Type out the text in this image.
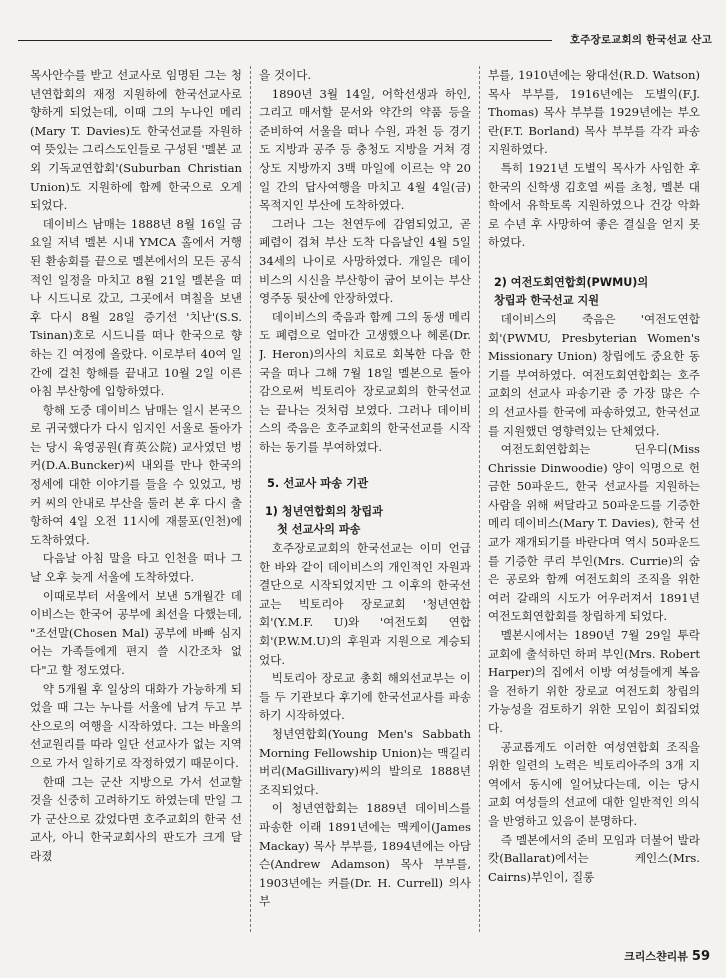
호주장로교회의 한국선교 산고

목사안수를 받고 선교사로 임명된 그는 청년연합회의 재정 지원하에 한국선교사로 향하게 되었는데, 이때 그의 누나인 메리(Mary T. Davies)도 한국선교를 자원하여 뜻있는 그리스도인들로 구성된 '멜본 교외 기독교연합회'(Suburban Christian Union)도 지원하에 함께 한국으로 오게 되었다.

데이비스 남매는 1888년 8월 16일 금요일 저녁 멜본 시내 YMCA 홀에서 거행된 환송회를 끝으로 멜본에서의 모든 공식적인 일정을 마치고 8월 21일 멜본을 떠나 시드니로 갔고, 그곳에서 며칠을 보낸 후 다시 8월 28일 증기선 '치난'(S.S. Tsinan)호로 시드니를 떠나 한국으로 향하는 긴 여정에 올랐다. 이로부터 40여 일간에 걸친 항해를 끝내고 10월 2일 이른 아침 부산항에 입항하였다.

항해 도중 데이비스 남매는 일시 본국으로 귀국했다가 다시 임지인 서울로 돌아가는 당시 육영공원(育英公院) 교사였던 벙커(D.A.Buncker)씨 내외를 만나 한국의 정세에 대한 이야기를 들을 수 있었고, 벙커 씨의 안내로 부산을 둘러 본 후 다시 출항하여 4일 오전 11시에 재물포(인천)에 도착하였다.

다음날 아침 말을 타고 인천을 떠나 그날 오후 늦게 서울에 도착하였다.

이때로부터 서울에서 보낸 5개월간 데이비스는 한국어 공부에 최선을 다했는데, "조선말(Chosen Mal) 공부에 바빠 심지어는 가족들에게 편지 쓸 시간조차 없다"고 할 정도였다.

약 5개월 후 일상의 대화가 가능하게 되었을 때 그는 누나를 서울에 남겨 두고 부산으로의 여행을 시작하였다. 그는 바울의 선교원리를 따라 일단 선교사가 없는 지역으로 가서 일하기로 작정하였기 때문이다.

한때 그는 군산 지방으로 가서 선교할 것을 신중히 고려하기도 하였는데 만일 그가 군산으로 갔었다면 호주교회의 한국 선교사, 아니 한국교회사의 판도가 크게 달라졌

을 것이다.

1890년 3월 14일, 어학선생과 하인, 그리고 매서할 문서와 약간의 약품 등을 준비하여 서울을 떠나 수원, 과천 등 경기도 지방과 공주 등 충청도 지방을 거쳐 경상도 지방까지 3백 마일에 이르는 약 20일 간의 답사여행을 마치고 4월 4일(금) 목적지인 부산에 도착하였다.

그러나 그는 천연두에 감염되었고, 곧 폐렴이 겹쳐 부산 도착 다음날인 4월 5일 34세의 나이로 사망하였다. 개일은 데이비스의 시신을 부산항이 굽어 보이는 부산 영주동 뒷산에 안장하였다.

데이비스의 죽음과 함께 그의 동생 메리도 폐렴으로 얼마간 고생했으나 헤론(Dr. J. Heron)의사의 치료로 회복한 다음 한국을 떠나 그해 7월 18일 멜본으로 돌아감으로써 빅토리아 장로교회의 한국선교는 끝나는 것처럼 보였다. 그러나 데이비스의 죽음은 호주교회의 한국선교를 시작하는 동기를 부여하였다.

5. 선교사 파송 기관
1) 청년연합회의 창립과
첫 선교사의 파송

호주장로교회의 한국선교는 이미 언급한 바와 같이 데이비스의 개인적인 자원과 결단으로 시작되었지만 그 이후의 한국선교는 빅토리아 장로교회 '청년연합회'(Y.M.F. U)와 '여전도회 연합회'(P.W.M.U)의 후원과 지원으로 계승되었다.

빅토리아 장로교 총회 해외선교부는 이들 두 기관보다 후기에 한국선교사를 파송하기 시작하였다.

청년연합회(Young Men's Sabbath Morning Fellowship Union)는 맥길리버리(MaGillivary)씨의 발의로 1888년 조직되었다.

이 청년연합회는 1889년 데이비스를 파송한 이래 1891년에는 맥케이(James Mackay) 목사 부부를, 1894년에는 아담슨(Andrew Adamson) 목사 부부를, 1903년에는 커를(Dr. H. Currell) 의사 부

부를, 1910년에는 왕대선(R.D. Watson) 목사 부부를, 1916년에는 도별익(F.J. Thomas) 목사 부부를 1929년에는 부오란(F.T. Borland) 목사 부부를 각각 파송 지원하였다.

특히 1921년 도별익 목사가 사임한 후 한국의 신학생 김호열 씨를 초청, 멜본 대학에서 유학토록 지원하였으나 건강 악화로 수년 후 사망하여 좋은 결실을 얻지 못하였다.

2) 여전도회연합회(PWMU)의
창립과 한국선교 지원

데이비스의 죽음은 '여전도연합회'(PWMU, Presbyterian Women's Missionary Union) 창립에도 중요한 동기를 부여하였다. 여전도회연합회는 호주교회의 선교사 파송기관 중 가장 많은 수의 선교사를 한국에 파송하였고, 한국선교를 지원했던 영향력있는 단체였다.

여전도회연합회는 딘우디(Miss Chrissie Dinwoodie) 양이 익명으로 헌금한 50파운드, 한국 선교사를 지원하는 사람을 위해 써달라고 50파운드를 기증한 메리 데이비스(Mary T. Davies), 한국 선교가 재개되기를 바란다며 역시 50파운드를 기증한 쿠리 부인(Mrs. Currie)의 숨은 공로와 함께 여전도회의 조직을 위한 여러 갈래의 시도가 어우러져서 1891년 여전도회연합회를 창립하게 되었다.

멜본시에서는 1890년 7월 29일 투락교회에 출석하던 하퍼 부인(Mrs. Robert Harper)의 집에서 이방 여성들에게 복음을 전하기 위한 장로교 여전도회 창립의 가능성을 검토하기 위한 모임이 회집되었다.

공교롭게도 이러한 여성연합회 조직을 위한 일련의 노력은 빅토리아주의 3개 지역에서 동시에 일어났다는데, 이는 당시 교회 여성들의 선교에 대한 일반적인 의식을 반영하고 있음이 분명하다.

즉 멜본에서의 준비 모임과 더불어 발라캇(Ballarat)에서는 케인스(Mrs. Cairns)부인이, 질롱

크리스챤리뷰 59
